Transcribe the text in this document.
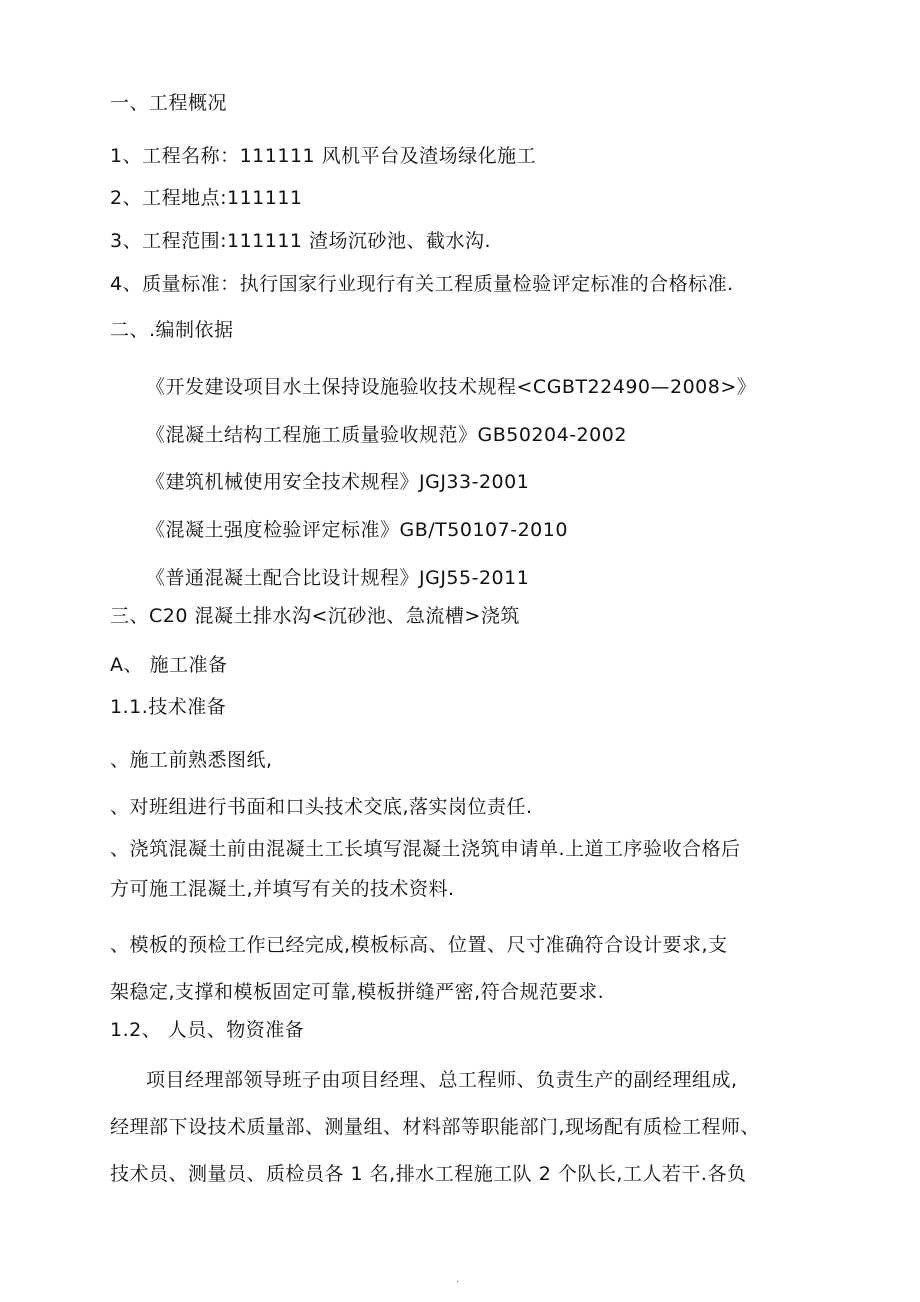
一、工程概况
1、工程名称：111111 风机平台及渣场绿化施工
2、工程地点:111111
3、工程范围:111111 渣场沉砂池、截水沟.
4、质量标准：执行国家行业现行有关工程质量检验评定标准的合格标准.
二、.编制依据
《开发建设项目水土保持设施验收技术规程<CGBT22490—2008>》
《混凝土结构工程施工质量验收规范》GB50204-2002
《建筑机械使用安全技术规程》JGJ33-2001
《混凝土强度检验评定标准》GB/T50107-2010
《普通混凝土配合比设计规程》JGJ55-2011
三、C20 混凝土排水沟<沉砂池、急流槽>浇筑
A、 施工准备
1.1.技术准备
、施工前熟悉图纸,
、对班组进行书面和口头技术交底,落实岗位责任.
、浇筑混凝土前由混凝土工长填写混凝土浇筑申请单.上道工序验收合格后
方可施工混凝土,并填写有关的技术资料.
、模板的预检工作已经完成,模板标高、位置、尺寸准确符合设计要求,支
架稳定,支撑和模板固定可靠,模板拼缝严密,符合规范要求.
1.2、 人员、物资准备
项目经理部领导班子由项目经理、总工程师、负责生产的副经理组成,
经理部下设技术质量部、测量组、材料部等职能部门,现场配有质检工程师、
技术员、测量员、质检员各 1 名,排水工程施工队 2 个队长,工人若干.各负
.
